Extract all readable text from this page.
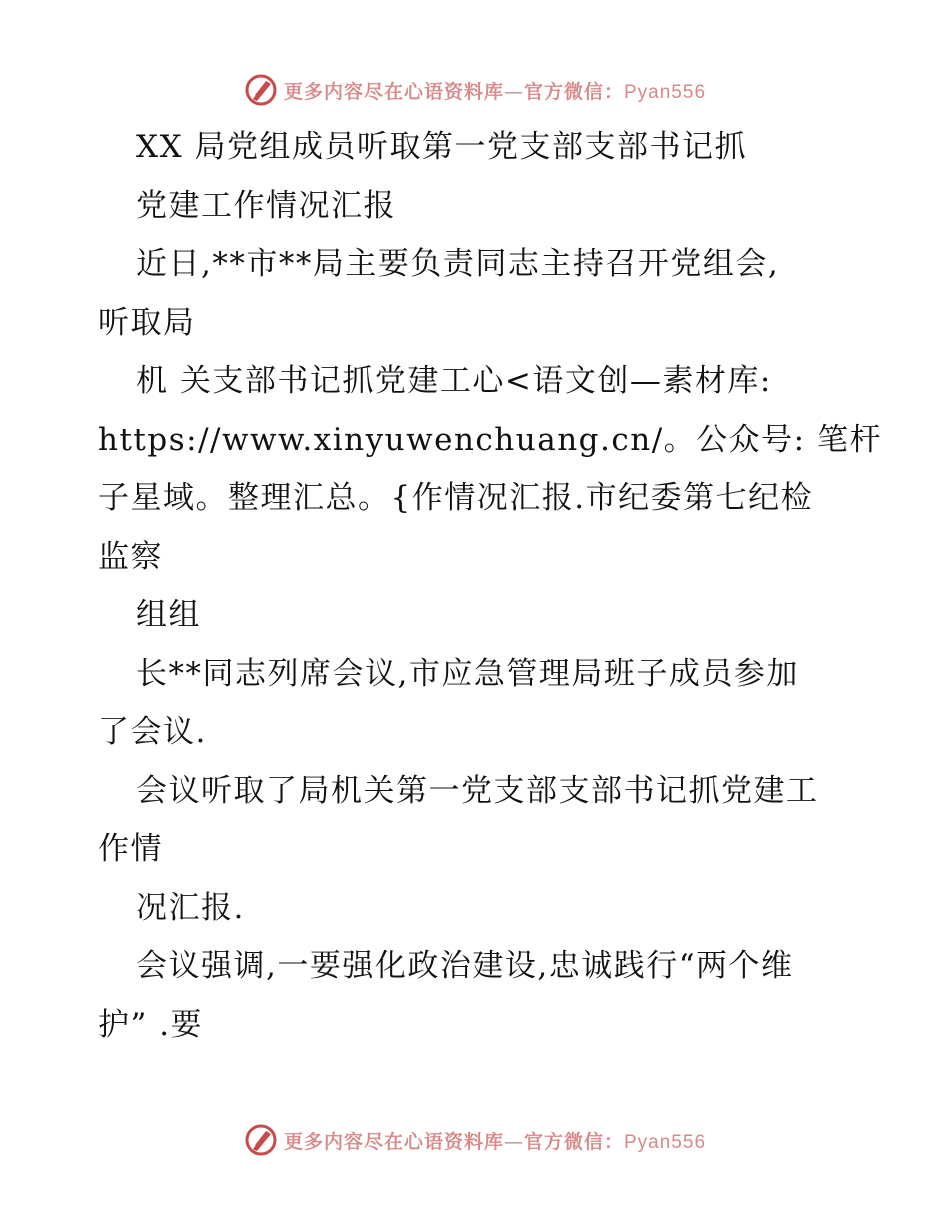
更多内容尽在心语资料库—官方微信：Pyan556
XX 局党组成员听取第一党支部支部书记抓
党建工作情况汇报
近日,**市**局主要负责同志主持召开党组会,
听取局
机 关支部书记抓党建工心<语文创—素材库:
https://www.xinyuwenchuang.cn/。公众号: 笔杆
子星域。整理汇总。{作情况汇报.市纪委第七纪检
监察
组组
长**同志列席会议,市应急管理局班子成员参加
了会议.
会议听取了局机关第一党支部支部书记抓党建工
作情
况汇报.
会议强调,一要强化政治建设,忠诚践行“两个维
护” .要
更多内容尽在心语资料库—官方微信：Pyan556
